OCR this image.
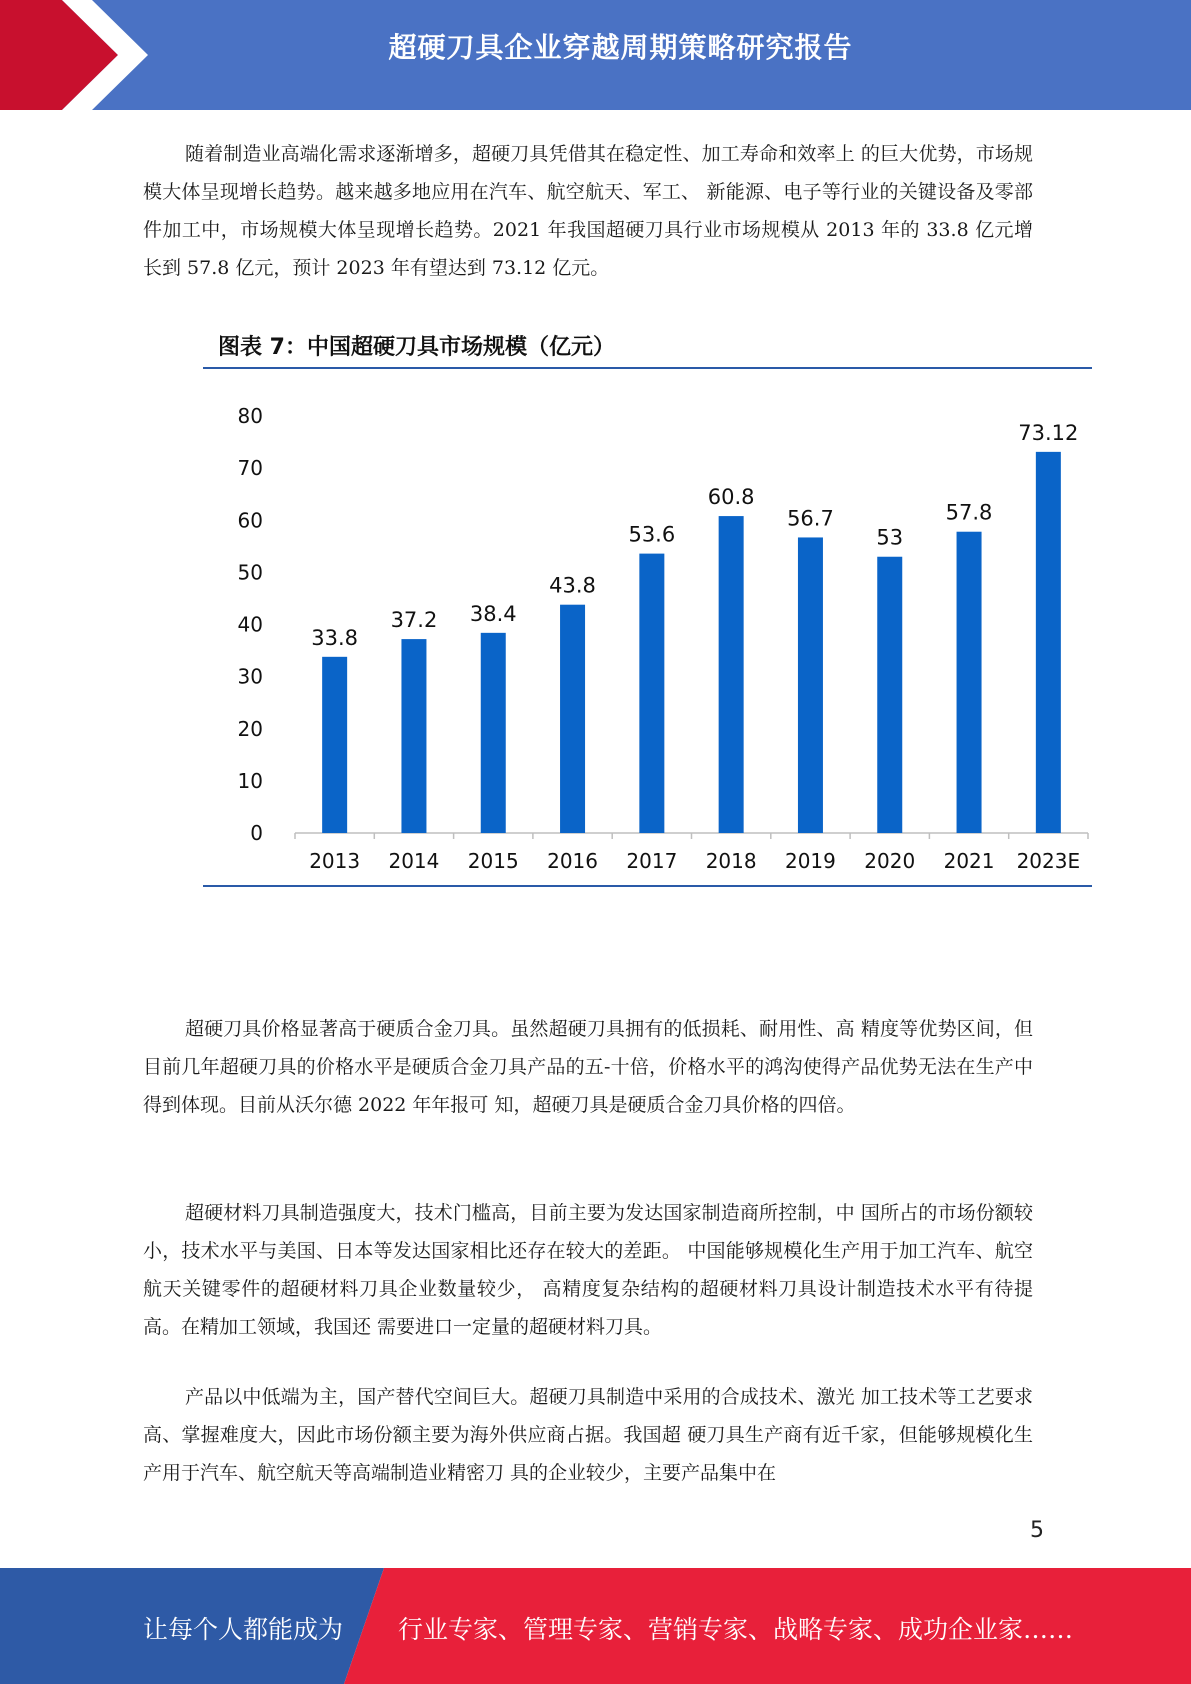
超硬刀具企业穿越周期策略研究报告

随着制造业高端化需求逐渐增多，超硬刀具凭借其在稳定性、加工寿命和效率上 的巨大优势，市场规模大体呈现增长趋势。越来越多地应用在汽车、航空航天、军工、 新能源、电子等行业的关键设备及零部件加工中，市场规模大体呈现增长趋势。2021 年我国超硬刀具行业市场规模从 2013 年的 33.8 亿元增长到 57.8 亿元，预计 2023 年有望达到 73.12 亿元。

图表 7：中国超硬刀具市场规模（亿元）
0
10
20
30
40
50
60
70
80
33.8
2013
37.2
2014
38.4
2015
43.8
2016
53.6
2017
60.8
2018
56.7
2019
53
2020
57.8
2021
73.12
2023E

超硬刀具价格显著高于硬质合金刀具。虽然超硬刀具拥有的低损耗、耐用性、高 精度等优势区间，但目前几年超硬刀具的价格水平是硬质合金刀具产品的五-十倍，价格水平的鸿沟使得产品优势无法在生产中得到体现。目前从沃尔德 2022 年年报可 知，超硬刀具是硬质合金刀具价格的四倍。

超硬材料刀具制造强度大，技术门槛高，目前主要为发达国家制造商所控制，中 国所占的市场份额较小，技术水平与美国、日本等发达国家相比还存在较大的差距。 中国能够规模化生产用于加工汽车、航空航天关键零件的超硬材料刀具企业数量较少， 高精度复杂结构的超硬材料刀具设计制造技术水平有待提高。在精加工领域，我国还 需要进口一定量的超硬材料刀具。

产品以中低端为主，国产替代空间巨大。超硬刀具制造中采用的合成技术、激光 加工技术等工艺要求高、掌握难度大，因此市场份额主要为海外供应商占据。我国超 硬刀具生产商有近千家，但能够规模化生产用于汽车、航空航天等高端制造业精密刀 具的企业较少，主要产品集中在

5
让每个人都能成为 行业专家、管理专家、营销专家、战略专家、成功企业家……
